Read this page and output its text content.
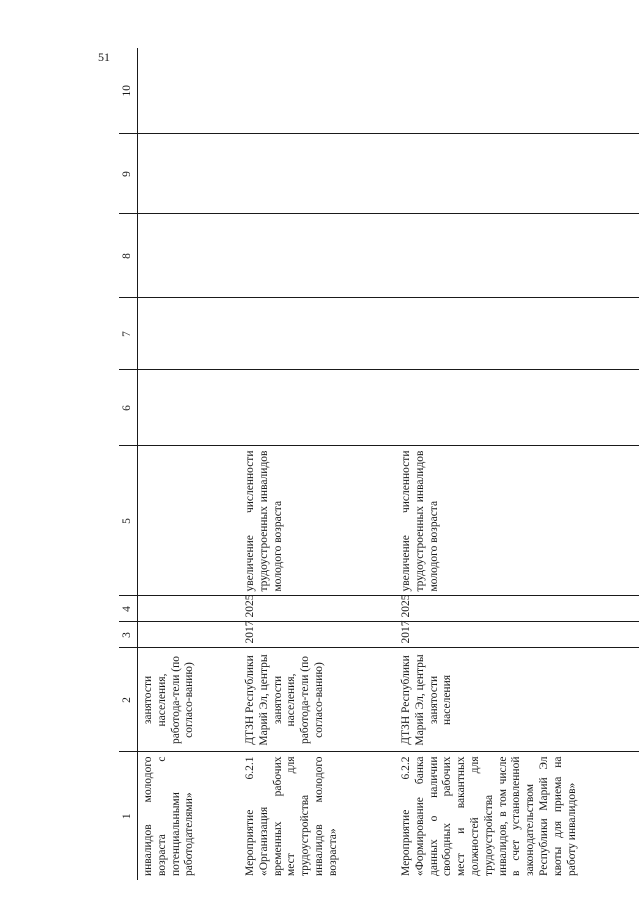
51
1	2	3	4	5	6	7	8	9	10
инвалидов молодого возраста с потенциальными работодателями»	занятости населения, работода-тели (по согласо-ванию)								
Мероприятие 6.2.1 «Организация временных рабочих мест для трудоустройства инвалидов молодого возраста»	ДТЗН Республики Марий Эл, центры занятости населения, работода-тели (по согласо-ванию)	2017	2025	увеличение численности трудоустроенных инвалидов молодого возраста					
Мероприятие 6.2.2 «Формирование банка данных о наличии свободных рабочих мест и вакантных должностей для трудоустройства инвалидов, в том числе в счет установленной законодательством Республики Марий Эл квоты для приема на работу инвалидов»	ДТЗН Республики Марий Эл, центры занятости населения	2017	2025	увеличение численности трудоустроенных инвалидов молодого возраста					
